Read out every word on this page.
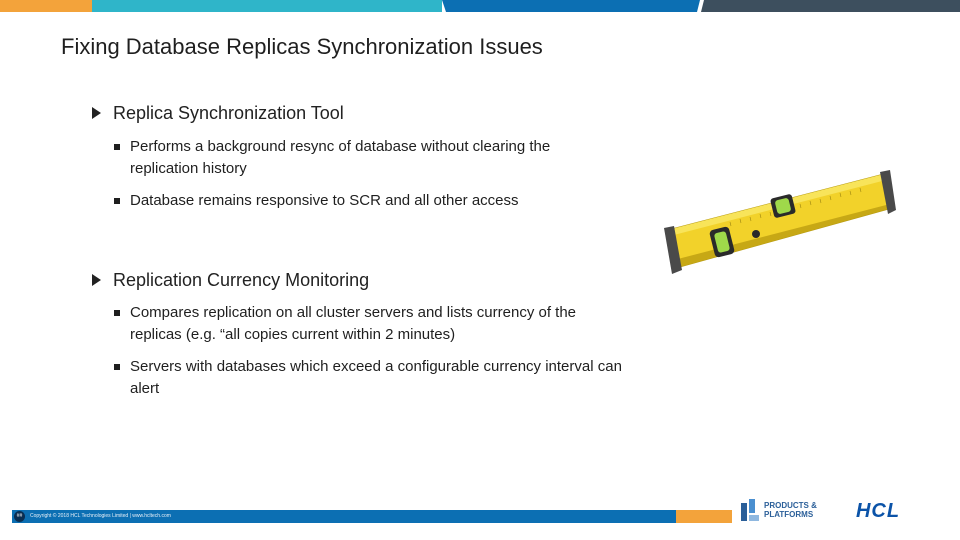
Fixing Database Replicas Synchronization Issues
Replica Synchronization Tool
Performs a background resync of database without clearing the replication history
Database remains responsive to SCR and all other access
Replication Currency Monitoring
Compares replication on all cluster servers and lists currency of the replicas (e.g. “all copies current within 2 minutes)
Servers with databases which exceed a configurable currency interval can alert
##	Copyright © 2018 HCL Technologies Limited | www.hcltech.com
PRODUCTS & PLATFORMS	HCL
